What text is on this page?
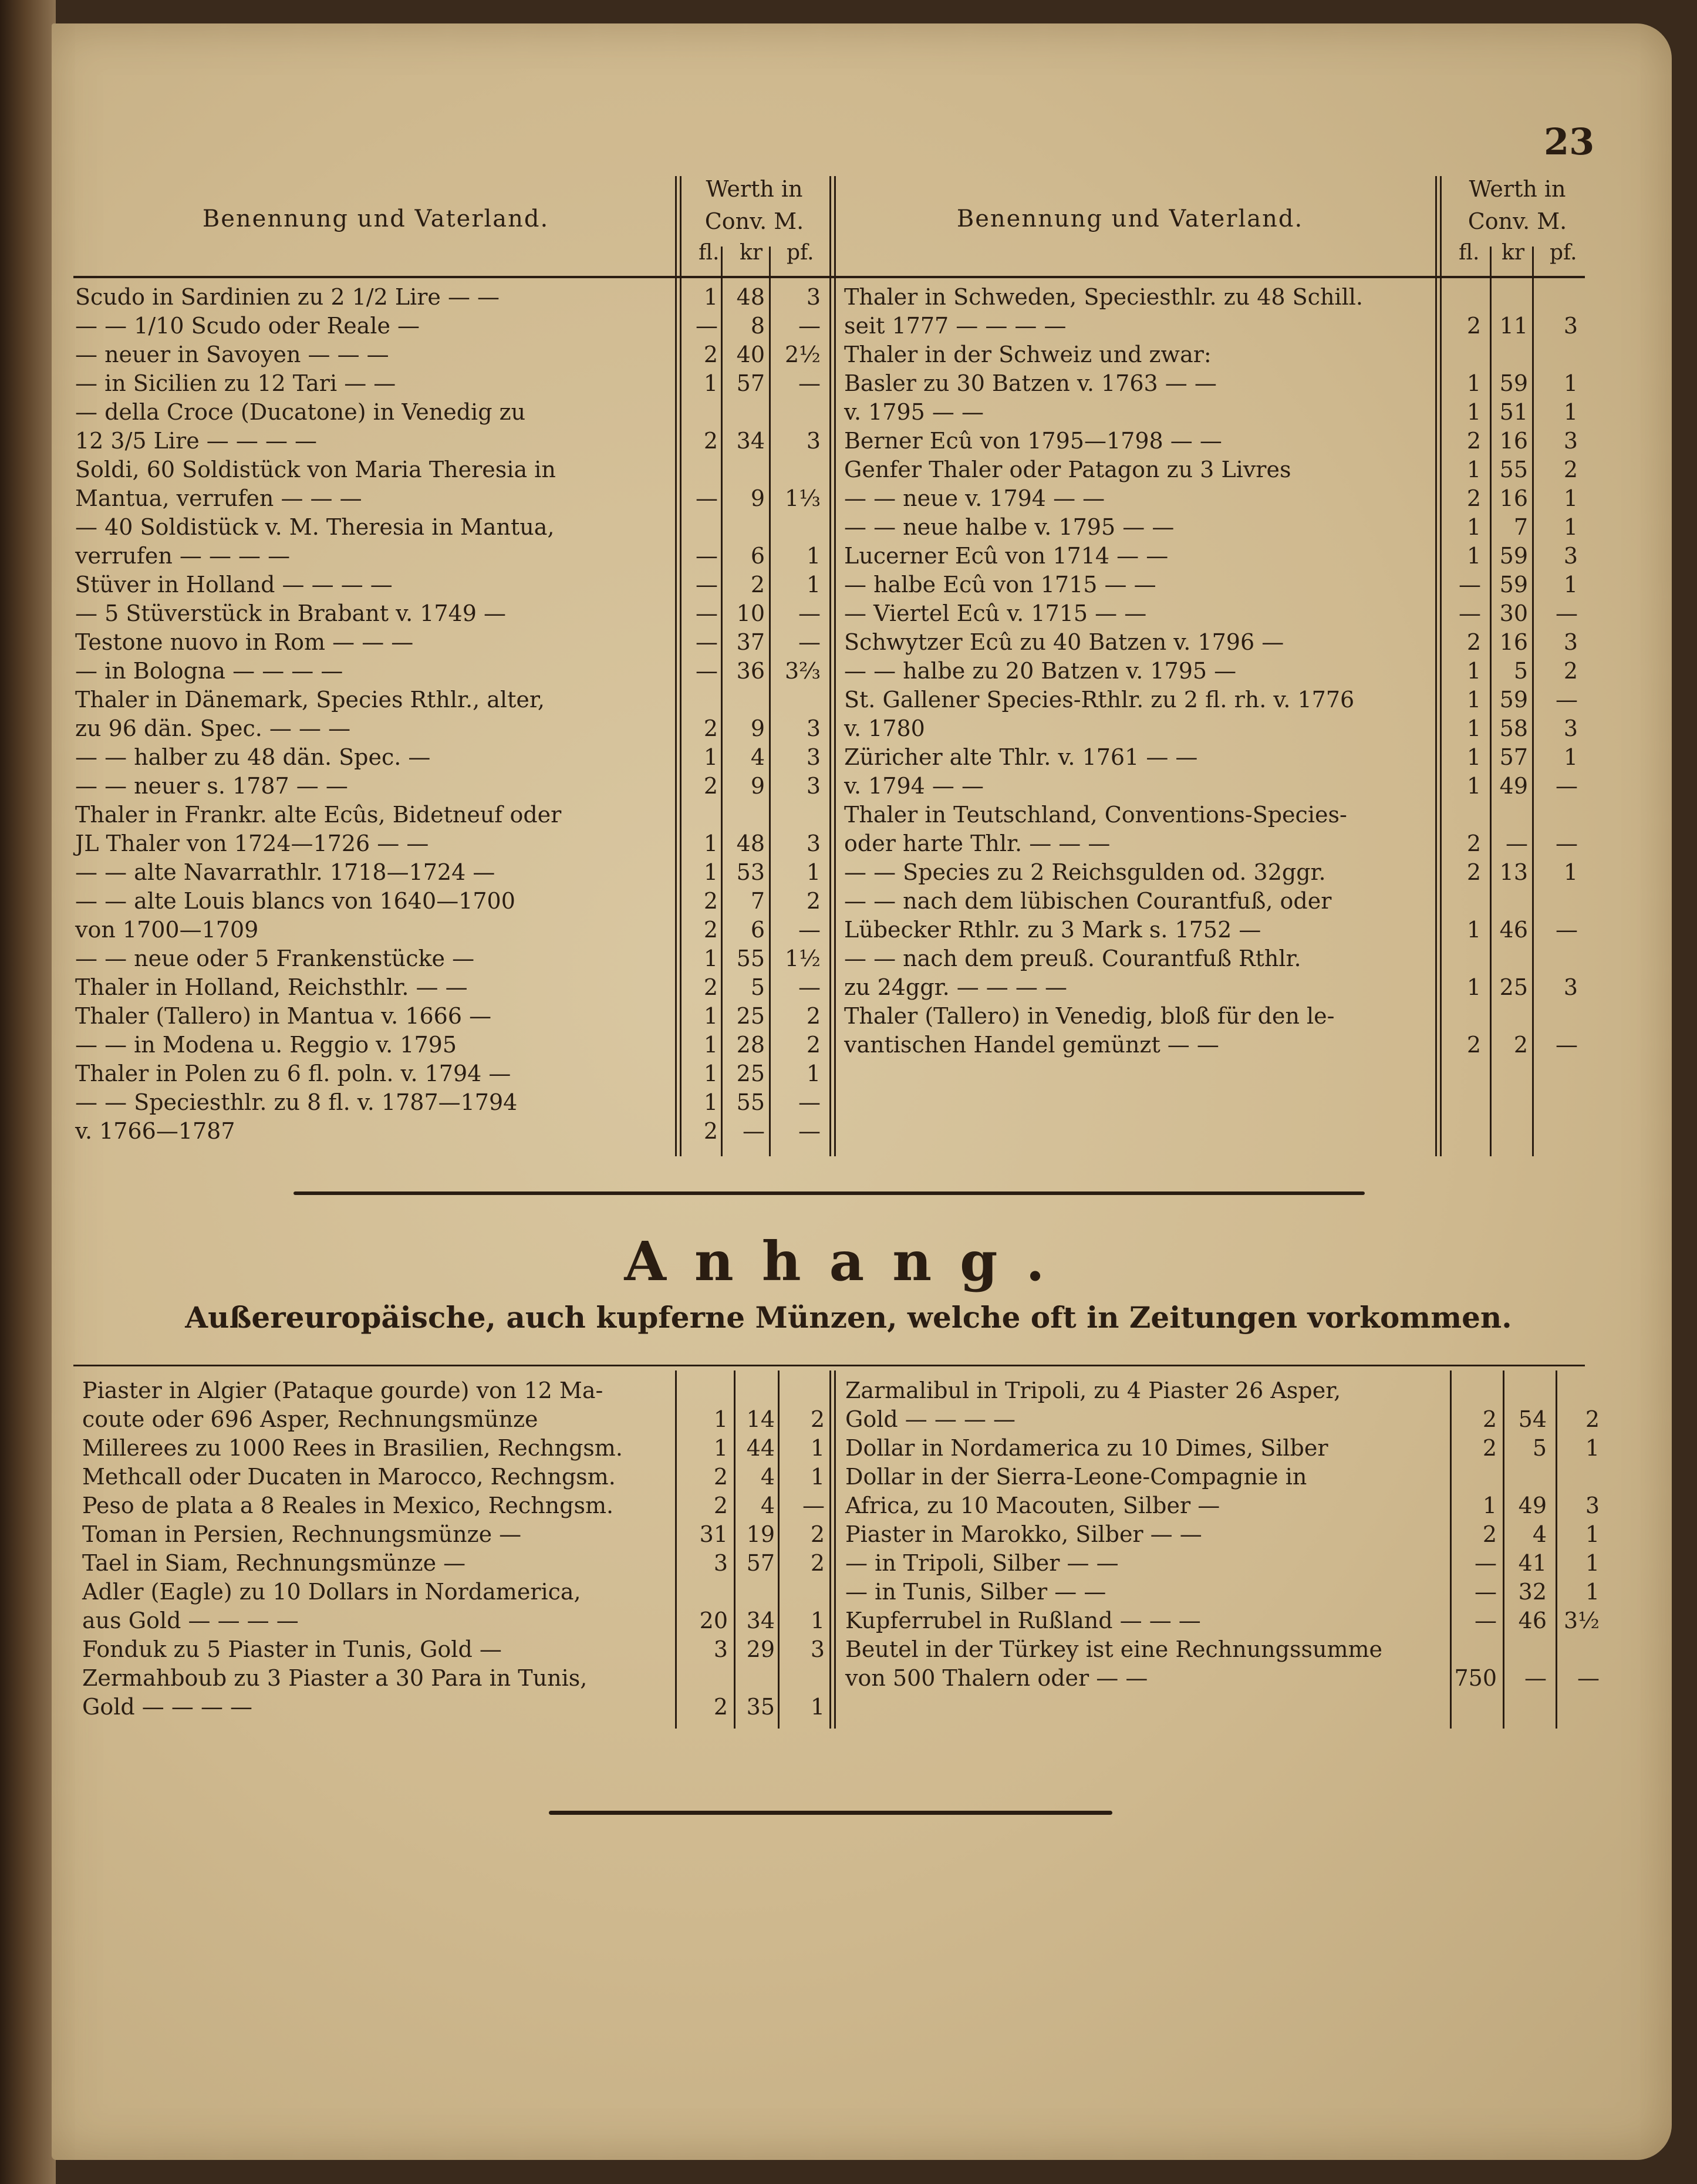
23
Benennung und Vaterland.
Werth in
Conv. M.
fl. kr pf.
Benennung und Vaterland.
Werth in
Conv. M.
fl. kr pf.
Scudo in Sardinien zu 2 1/2 Lire — —	1 48	3
— — 1/10 Scudo oder Reale —	—	8	—
— neuer in Savoyen — — —	2 40 2½
— in Sicilien zu 12 Tari — —	1 57	—
— della Croce (Ducatone) in Venedig zu
12 3/5 Lire — — — —	2 34	3
Soldi, 60 Soldistück von Maria Theresia in
Mantua, verrufen — — —	—	9 1⅓
— 40 Soldistück v. M. Theresia in Mantua,
verrufen — — — —	—	6	1
Stüver in Holland — — — —	—	2	1
— 5 Stüverstück in Brabant v. 1749 —	— 10	—
Testone nuovo in Rom — — —	— 37	—
— in Bologna — — — —	— 36 3⅔
Thaler in Dänemark, Species Rthlr., alter,
zu 96 dän. Spec. — — —	2	9	3
— — halber zu 48 dän. Spec. —	1	4	3
— — neuer s. 1787 — —	2	9	3
Thaler in Frankr. alte Ecûs, Bidetneuf oder
JL Thaler von 1724—1726 — —	1 48	3
— — alte Navarrathlr. 1718—1724 —	1 53	1
— — alte Louis blancs von 1640—1700	2	7	2
von 1700—1709	2	6	—
— — neue oder 5 Frankenstücke —	1 55 1½
Thaler in Holland, Reichsthlr. — —	2	5	—
Thaler (Tallero) in Mantua v. 1666 —	1 25	2
— — in Modena u. Reggio v. 1795	1 28	2
Thaler in Polen zu 6 fl. poln. v. 1794 —	1 25	1
— — Speciesthlr. zu 8 fl. v. 1787—1794	1 55	—
v. 1766—1787	2	—	—
Thaler in Schweden, Speciesthlr. zu 48 Schill.
seit 1777 — — — —	2 11	3
Thaler in der Schweiz und zwar:
Basler zu 30 Batzen v. 1763 — —	1 59	1
v. 1795 — —	1 51	1
Berner Ecû von 1795—1798 — —	2 16	3
Genfer Thaler oder Patagon zu 3 Livres	1 55	2
— — neue v. 1794 — —	2 16	1
— — neue halbe v. 1795 — —	1	7	1
Lucerner Ecû von 1714 — —	1 59	3
— halbe Ecû von 1715 — —	— 59	1
— Viertel Ecû v. 1715 — —	— 30	—
Schwytzer Ecû zu 40 Batzen v. 1796 —	2 16	3
— — halbe zu 20 Batzen v. 1795 —	1	5	2
St. Gallener Species-Rthlr. zu 2 fl. rh. v. 1776	1 59	—
v. 1780	1 58	3
Züricher alte Thlr. v. 1761 — —	1 57	1
v. 1794 — —	1 49	—
Thaler in Teutschland, Conventions-Species-
oder harte Thlr. — — —	2	—	—
— — Species zu 2 Reichsgulden od. 32ggr.	2 13	1
— — nach dem lübischen Courantfuß, oder
Lübecker Rthlr. zu 3 Mark s. 1752 —	1 46	—
— — nach dem preuß. Courantfuß Rthlr.
zu 24ggr. — — — —	1 25	3
Thaler (Tallero) in Venedig, bloß für den le-
vantischen Handel gemünzt — —	2	2	—
Anhang.
Außereuropäische, auch kupferne Münzen, welche oft in Zeitungen vorkommen.
Piaster in Algier (Pataque gourde) von 12 Ma-
coute oder 696 Asper, Rechnungsmünze	1 14	2
Millerees zu 1000 Rees in Brasilien, Rechngsm.	1 44	1
Methcall oder Ducaten in Marocco, Rechngsm.	2	4	1
Peso de plata a 8 Reales in Mexico, Rechngsm.	2	4	—
Toman in Persien, Rechnungsmünze —	31 19	2
Tael in Siam, Rechnungsmünze —	3 57	2
Adler (Eagle) zu 10 Dollars in Nordamerica,
aus Gold — — — —	20 34	1
Fonduk zu 5 Piaster in Tunis, Gold —	3 29	3
Zermahboub zu 3 Piaster a 30 Para in Tunis,
Gold — — — —	2 35	1
Zarmalibul in Tripoli, zu 4 Piaster 26 Asper,
Gold — — — —	2 54	2
Dollar in Nordamerica zu 10 Dimes, Silber	2	5	1
Dollar in der Sierra-Leone-Compagnie in
Africa, zu 10 Macouten, Silber —	1 49	3
Piaster in Marokko, Silber — —	2	4	1
— in Tripoli, Silber — —	— 41	1
— in Tunis, Silber — —	— 32	1
Kupferrubel in Rußland — — —	— 46 3½
Beutel in der Türkey ist eine Rechnungssumme
von 500 Thalern oder — —	750	—	—
